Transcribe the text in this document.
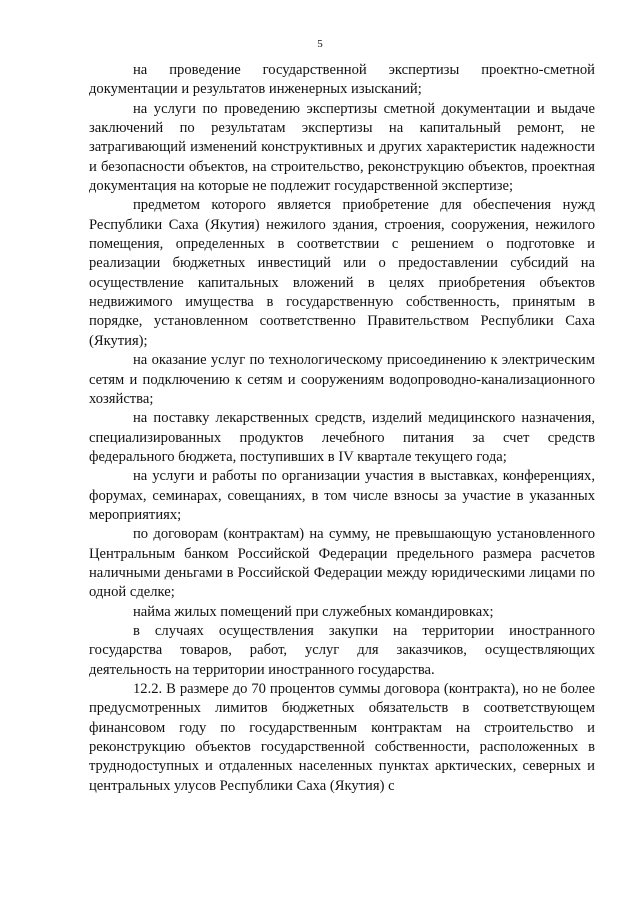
5

на проведение государственной экспертизы проектно-сметной документации и результатов инженерных изысканий;

на услуги по проведению экспертизы сметной документации и выдаче заключений по результатам экспертизы на капитальный ремонт, не затрагивающий изменений конструктивных и других характеристик надежности и безопасности объектов, на строительство, реконструкцию объектов, проектная документация на которые не подлежит государственной экспертизе;

предметом которого является приобретение для обеспечения нужд Республики Саха (Якутия) нежилого здания, строения, сооружения, нежилого помещения, определенных в соответствии с решением о подготовке и реализации бюджетных инвестиций или о предоставлении субсидий на осуществление капитальных вложений в целях приобретения объектов недвижимого имущества в государственную собственность, принятым в порядке, установленном соответственно Правительством Республики Саха (Якутия);

на оказание услуг по технологическому присоединению к электрическим сетям и подключению к сетям и сооружениям водопроводно-канализационного хозяйства;

на поставку лекарственных средств, изделий медицинского назначения, специализированных продуктов лечебного питания за счет средств федерального бюджета, поступивших в IV квартале текущего года;

на услуги и работы по организации участия в выставках, конференциях, форумах, семинарах, совещаниях, в том числе взносы за участие в указанных мероприятиях;

по договорам (контрактам) на сумму, не превышающую установленного Центральным банком Российской Федерации предельного размера расчетов наличными деньгами в Российской Федерации между юридическими лицами по одной сделке;

найма жилых помещений при служебных командировках;

в случаях осуществления закупки на территории иностранного государства товаров, работ, услуг для заказчиков, осуществляющих деятельность на территории иностранного государства.

12.2. В размере до 70 процентов суммы договора (контракта), но не более предусмотренных лимитов бюджетных обязательств в соответствующем финансовом году по государственным контрактам на строительство и реконструкцию объектов государственной собственности, расположенных в труднодоступных и отдаленных населенных пунктах арктических, северных и центральных улусов Республики Саха (Якутия) с
